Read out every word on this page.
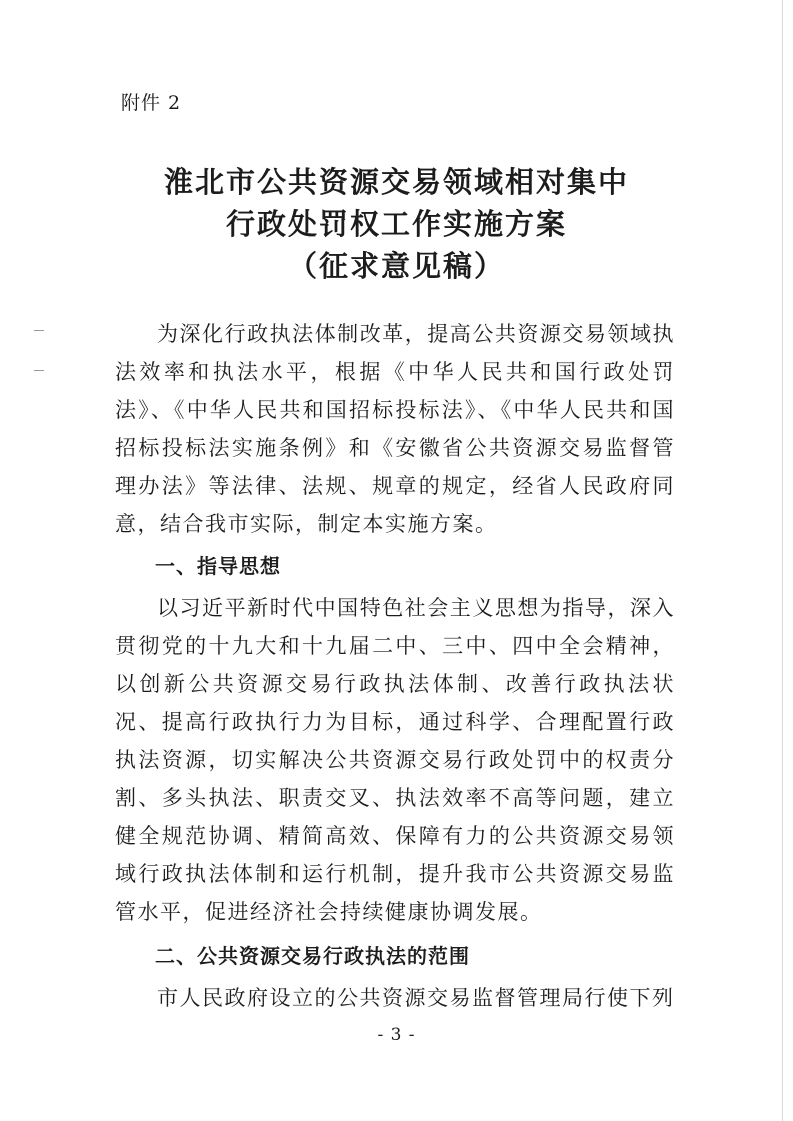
附件 2
淮北市公共资源交易领域相对集中
行政处罚权工作实施方案
（征求意见稿）

为深化行政执法体制改革，提高公共资源交易领域执法效率和执法水平，根据《中华人民共和国行政处罚法》、《中华人民共和国招标投标法》、《中华人民共和国招标投标法实施条例》和《安徽省公共资源交易监督管理办法》等法律、法规、规章的规定，经省人民政府同意，结合我市实际，制定本实施方案。

一、指导思想

以习近平新时代中国特色社会主义思想为指导，深入贯彻党的十九大和十九届二中、三中、四中全会精神，以创新公共资源交易行政执法体制、改善行政执法状况、提高行政执行力为目标，通过科学、合理配置行政执法资源，切实解决公共资源交易行政处罚中的权责分割、多头执法、职责交叉、执法效率不高等问题，建立健全规范协调、精简高效、保障有力的公共资源交易领域行政执法体制和运行机制，提升我市公共资源交易监管水平，促进经济社会持续健康协调发展。

二、公共资源交易行政执法的范围

市人民政府设立的公共资源交易监督管理局行使下列

- 3 -
